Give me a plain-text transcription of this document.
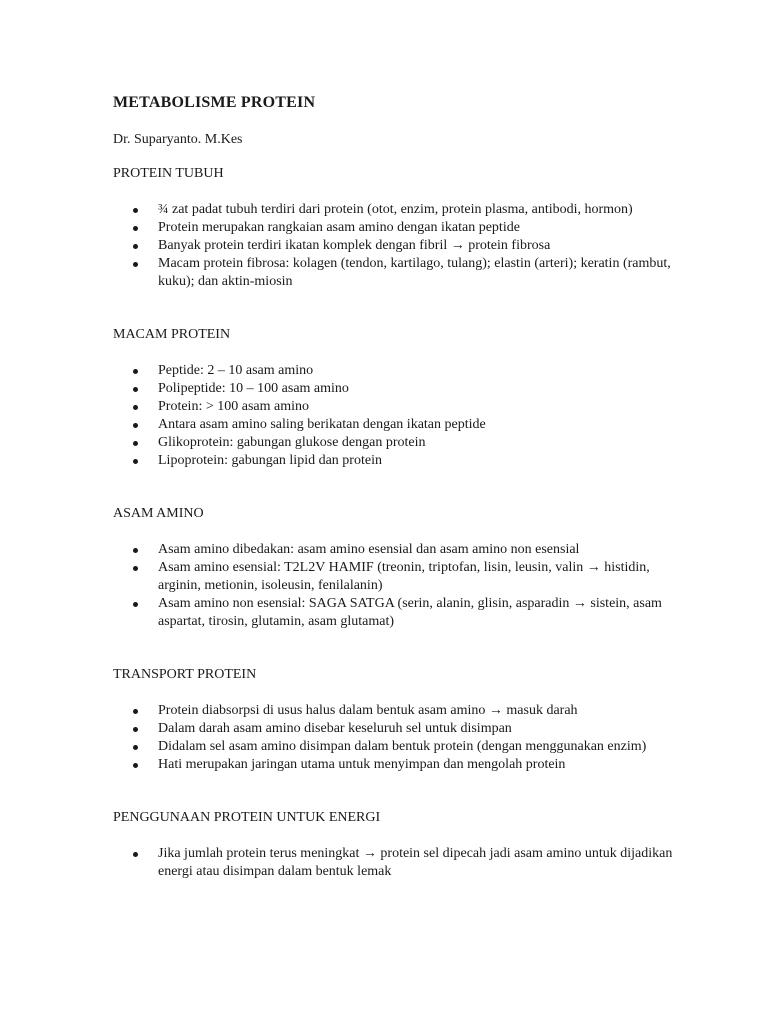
METABOLISME PROTEIN

Dr. Suparyanto. M.Kes

PROTEIN TUBUH

¾ zat padat tubuh terdiri dari protein (otot, enzim, protein plasma, antibodi, hormon)
Protein merupakan rangkaian asam amino dengan ikatan peptide
Banyak protein terdiri ikatan komplek dengan fibril → protein fibrosa
Macam protein fibrosa: kolagen (tendon, kartilago, tulang); elastin (arteri); keratin (rambut, kuku); dan aktin-miosin

MACAM PROTEIN

Peptide: 2 – 10 asam amino
Polipeptide: 10 – 100 asam amino
Protein: > 100 asam amino
Antara asam amino saling berikatan dengan ikatan peptide
Glikoprotein: gabungan glukose dengan protein
Lipoprotein: gabungan lipid dan protein

ASAM AMINO

Asam amino dibedakan: asam amino esensial dan asam amino non esensial
Asam amino esensial: T2L2V HAMIF (treonin, triptofan, lisin, leusin, valin → histidin, arginin, metionin, isoleusin, fenilalanin)
Asam amino non esensial: SAGA SATGA (serin, alanin, glisin, asparadin → sistein, asam aspartat, tirosin, glutamin, asam glutamat)

TRANSPORT PROTEIN

Protein diabsorpsi di usus halus dalam bentuk asam amino → masuk darah
Dalam darah asam amino disebar keseluruh sel untuk disimpan
Didalam sel asam amino disimpan dalam bentuk protein (dengan menggunakan enzim)
Hati merupakan jaringan utama untuk menyimpan dan mengolah protein

PENGGUNAAN PROTEIN UNTUK ENERGI

Jika jumlah protein terus meningkat → protein sel dipecah jadi asam amino untuk dijadikan energi atau disimpan dalam bentuk lemak
